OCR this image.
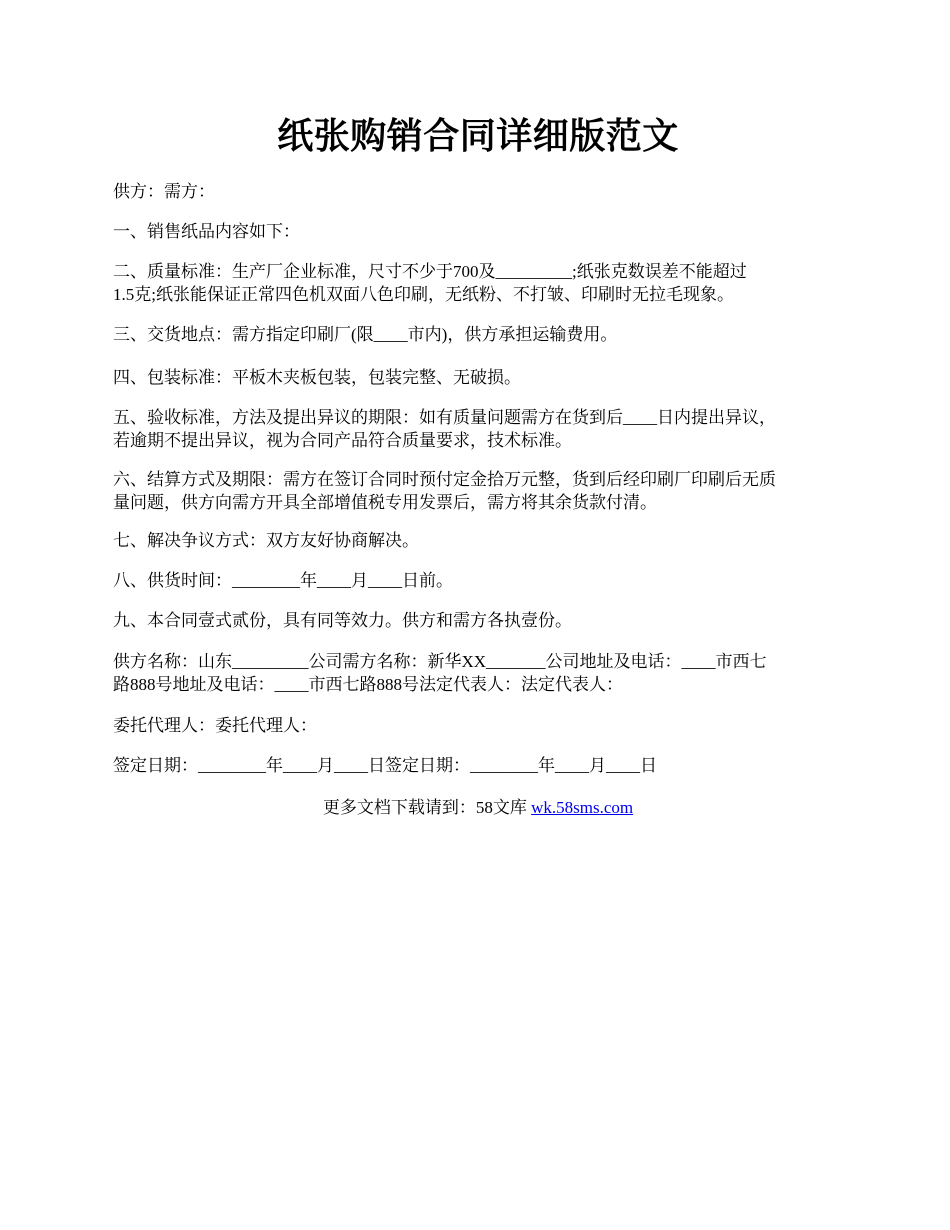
纸张购销合同详细版范文
供方：需方：
一、销售纸品内容如下：
二、质量标准：生产厂企业标准，尺寸不少于700及_________;纸张克数误差不能超过
1.5克;纸张能保证正常四色机双面八色印刷，无纸粉、不打皱、印刷时无拉毛现象。
三、交货地点：需方指定印刷厂(限____市内)，供方承担运输费用。
四、包装标准：平板木夹板包装，包装完整、无破损。
五、验收标准，方法及提出异议的期限：如有质量问题需方在货到后____日内提出异议，
若逾期不提出异议，视为合同产品符合质量要求，技术标准。
六、结算方式及期限：需方在签订合同时预付定金拾万元整，货到后经印刷厂印刷后无质
量问题，供方向需方开具全部增值税专用发票后，需方将其余货款付清。
七、解决争议方式：双方友好协商解决。
八、供货时间：________年____月____日前。
九、本合同壹式贰份，具有同等效力。供方和需方各执壹份。
供方名称：山东_________公司需方名称：新华XX_______公司地址及电话：____市西七
路888号地址及电话：____市西七路888号法定代表人：法定代表人：
委托代理人：委托代理人：
签定日期：________年____月____日签定日期：________年____月____日
更多文档下载请到：58文库 wk.58sms.com
